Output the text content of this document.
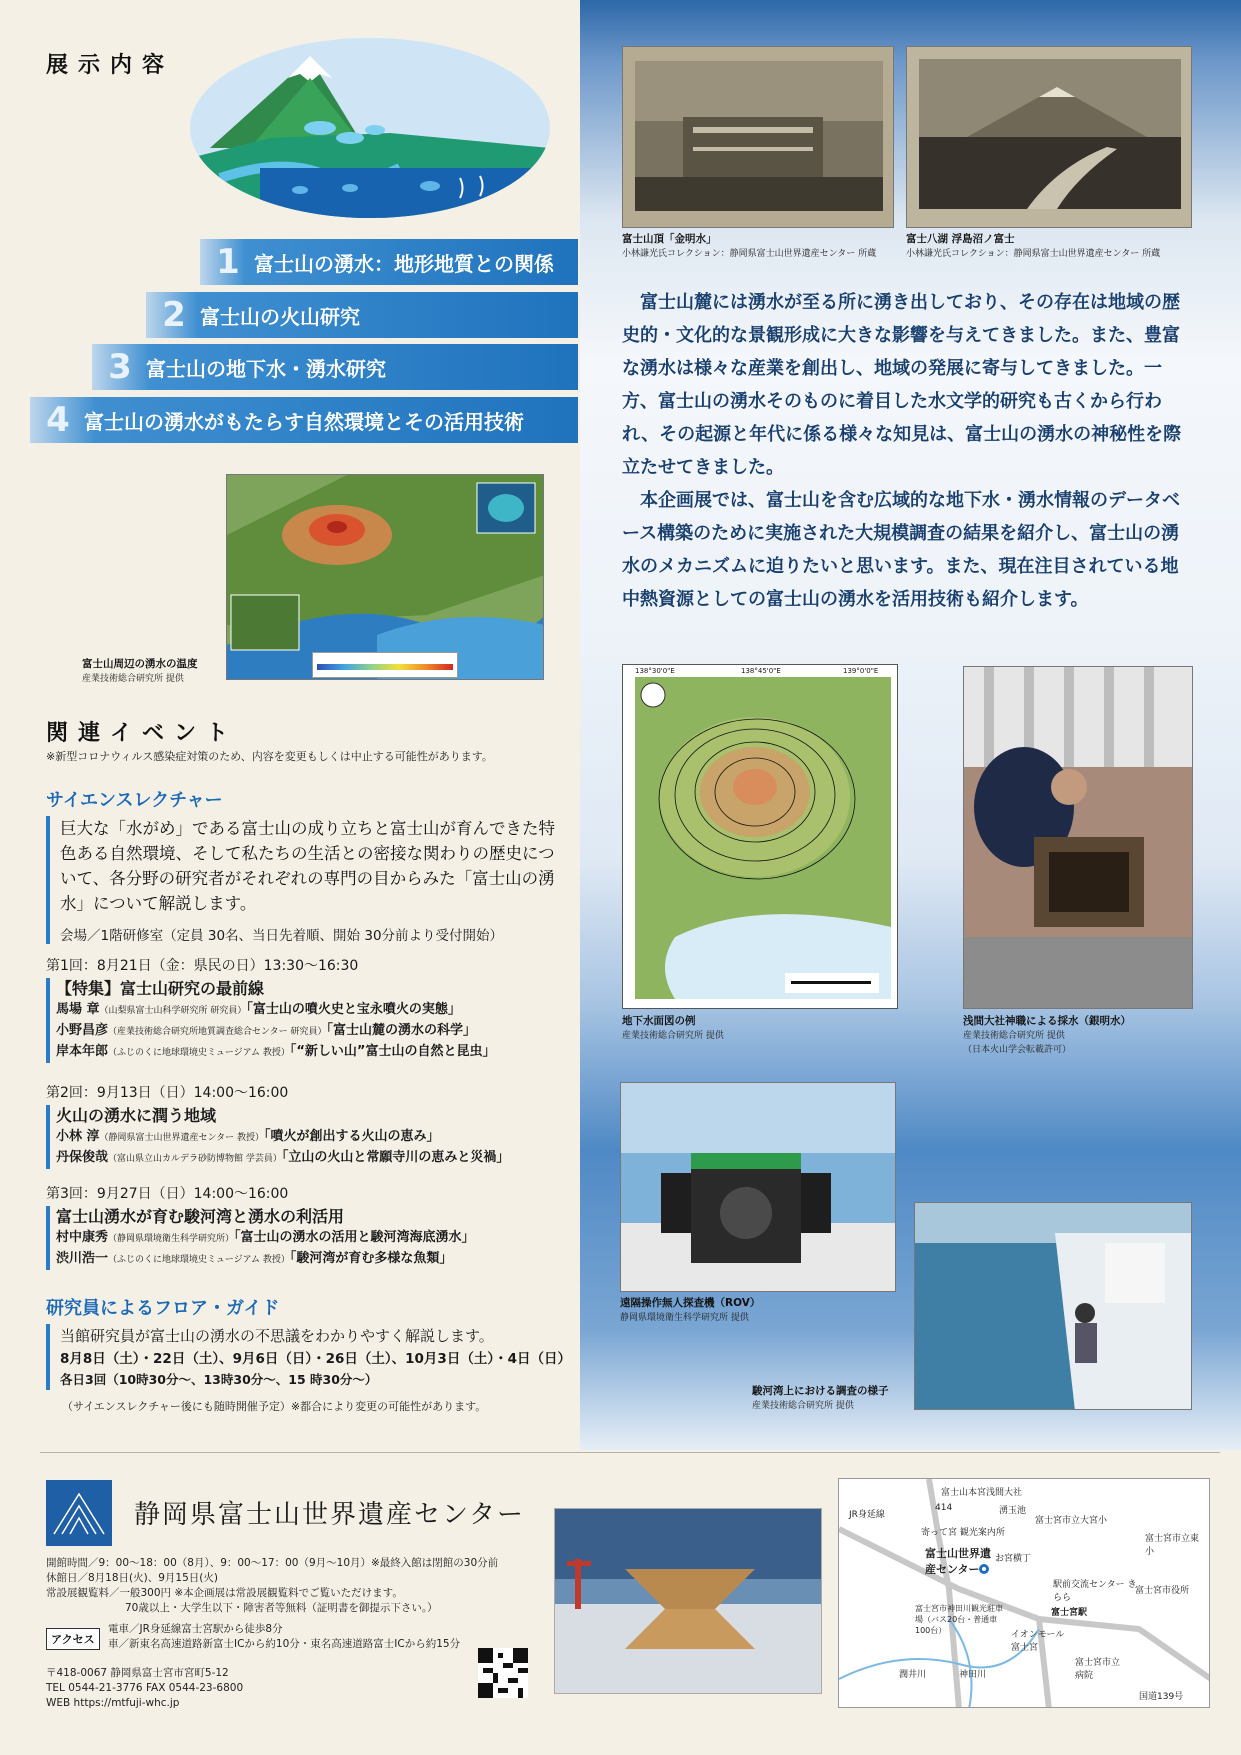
展示内容
1 富士山の湧水：地形地質との関係
2 富士山の火山研究
3 富士山の地下水・湧水研究
4 富士山の湧水がもたらす自然環境とその活用技術
富士山周辺の湧水の温度
産業技術総合研究所 提供
富士山頂「金明水」
小林謙光氏コレクション：静岡県富士山世界遺産センター 所蔵
富士八湖 浮島沼ノ富士
小林謙光氏コレクション：静岡県富士山世界遺産センター 所蔵

富士山麓には湧水が至る所に湧き出しており、その存在は地域の歴史的・文化的な景観形成に大きな影響を与えてきました。また、豊富な湧水は様々な産業を創出し、地域の発展に寄与してきました。一方、富士山の湧水そのものに着目した水文学的研究も古くから行われ、その起源と年代に係る様々な知見は、富士山の湧水の神秘性を際立たせてきました。

本企画展では、富士山を含む広域的な地下水・湧水情報のデータベース構築のために実施された大規模調査の結果を紹介し、富士山の湧水のメカニズムに迫りたいと思います。また、現在注目されている地中熱資源としての富士山の湧水を活用技術も紹介します。

138°30'0"E	138°45'0"E	139°0'0"E
地下水面図の例
産業技術総合研究所 提供
浅間大社神職による採水（銀明水）
産業技術総合研究所 提供
（日本火山学会転載許可）
遠隔操作無人探査機（ROV）
静岡県環境衛生科学研究所 提供
駿河湾上における調査の様子
産業技術総合研究所 提供
関連イベント
※新型コロナウィルス感染症対策のため、内容を変更もしくは中止する可能性があります。
サイエンスレクチャー
巨大な「水がめ」である富士山の成り立ちと富士山が育んできた特色ある自然環境、そして私たちの生活との密接な関わりの歴史について、各分野の研究者がそれぞれの専門の目からみた「富士山の湧水」について解説します。
会場／1階研修室（定員 30名、当日先着順、開始 30分前より受付開始）
第1回：8月21日（金：県民の日）13:30～16:30
【特集】富士山研究の最前線
馬場 章（山梨県富士山科学研究所 研究員）「富士山の噴火史と宝永噴火の実態」
小野昌彦（産業技術総合研究所地質調査総合センター 研究員）「富士山麓の湧水の科学」
岸本年郎（ふじのくに地球環境史ミュージアム 教授）「“新しい山”富士山の自然と昆虫」
第2回：9月13日（日）14:00～16:00
火山の湧水に潤う地域
小林 淳（静岡県富士山世界遺産センター 教授）「噴火が創出する火山の恵み」
丹保俊哉（富山県立山カルデラ砂防博物館 学芸員）「立山の火山と常願寺川の恵みと災禍」
第3回：9月27日（日）14:00～16:00
富士山湧水が育む駿河湾と湧水の利活用
村中康秀（静岡県環境衛生科学研究所）「富士山の湧水の活用と駿河湾海底湧水」
渋川浩一（ふじのくに地球環境史ミュージアム 教授）「駿河湾が育む多様な魚類」
研究員によるフロア・ガイド
当館研究員が富士山の湧水の不思議をわかりやすく解説します。
8月8日（土）・22日（土）、9月6日（日）・26日（土）、10月3日（土）・4日（日）
各日3回（10時30分～、13時30分～、15 時30分～）
（サイエンスレクチャー後にも随時開催予定）※都合により変更の可能性があります。
静岡県富士山世界遺産センター
開館時間／9：00～18：00（8月）、9：00～17：00（9月～10月）※最終入館は閉館の30分前
休館日／8月18日(火)、9月15日(火)
常設展観覧料／一般300円 ※本企画展は常設展観覧料でご覧いただけます。
70歳以上・大学生以下・障害者等無料（証明書を御提示下さい。）
アクセス
電車／JR身延線富士宮駅から徒歩8分
車／新東名高速道路新富士ICから約10分・東名高速道路富士ICから約15分
〒418-0067 静岡県富士宮市宮町5-12
TEL 0544-21-3776 FAX 0544-23-6800
WEB https://mtfuji-whc.jp
富士山本宮浅間大社
414	湧玉池
富士宮市立大宮小
寄って宮 観光案内所
富士山世界遺産センター
お宮横丁
富士宮市立東小
駅前交流センター きらら
富士宮市役所
富士宮市神田川観光駐車場（バス20台・普通車100台）	イオンモール富士宮
富士宮駅
富士宮市立病院
JR身延線
潤井川	神田川
国道139号
